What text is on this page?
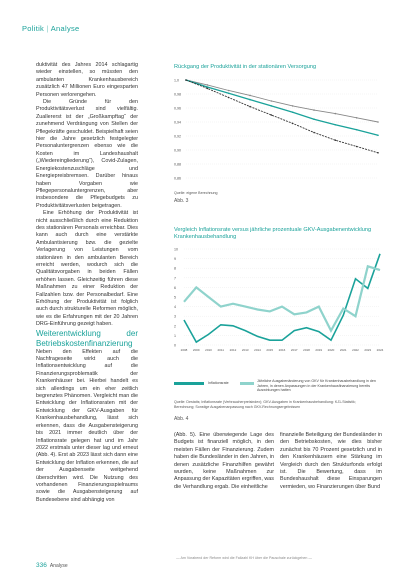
Politik | Analyse

duktivität des Jahres 2014 schlagartig wieder einstellen, so müssten den ambulanten Krankenhausbereich zusätzlich 47 Millionen Euro eingesparten Personen verlorengehen.

Die Gründe für den Produktivitätsverlust sind vielfältig. Zuallererst ist der „Großkampftag“ der zunehmend Verdrängung von Stellen der Pflegekräfte geschuldet. Beispielhaft seien hier die Jahre gesetzlich festgelegter Personaluntergrenzen ebenso wie die Kosten im Landeshaushalt („Wiedereingliederung“), Covid-Zulagen, Energiekostenzuschläge und Energiepreisbremsen. Darüber hinaus haben Vorgaben wie Pflegepersonaluntergrenzen, aber insbesondere die Pflegebudgets zu Produktivitätsverlusten beigetragen.

Eine Erhöhung der Produktivität ist nicht ausschließlich durch eine Reduktion des stationären Personals erreichbar. Dies kann auch durch eine verstärkte Ambulantisierung bzw. die gezielte Verlagerung von Leistungen vom stationären in den ambulanten Bereich erreicht werden, wodurch sich die Qualitätsvorgaben in beiden Fällen erhöhen lassen. Gleichzeitig führen diese Maßnahmen zu einer Reduktion der Fallzahlen bzw. der Personalbedarf. Eine Erhöhung der Produktivität ist folglich auch durch strukturelle Reformen möglich, wie es die Erfahrungen mit der 20 Jahren DRG-Einführung gezeigt haben.

Weiterentwicklung der Betriebskostenfinanzierung

Neben den Effekten auf die Nachfrageseite wirkt auch die Inflationsentwicklung auf die Finanzierungsproblematik der Krankenhäuser bei. Hierbei handelt es sich allerdings um ein eher zeitlich begrenztes Phänomen. Vergleicht man die Entwicklung der Inflationsraten mit der Entwicklung der GKV-Ausgaben für Krankenhausbehandlung, lässt sich erkennen, dass die Ausgabensteigerung bis 2021 immer deutlich über der Inflationsrate gelegen hat und im Jahr 2022 erstmals unter dieser lag und erneut (Abb. 4). Erst ab 2023 lässt sich dann eine Entwicklung der Inflation erkennen, die auf der Ausgabenseite weitgehend überschritten wird. Die Nutzung des vorhandenen Finanzierungsspielraums sowie die Ausgabensteigerung auf Bundesebene sind abhängig von

Rückgang der Produktivität in der stationären Versorgung
1,0
0,98
0,96
0,94
0,92
0,90
0,88
0,86
Quelle: eigene Berechnung
Abb. 3
Vergleich Inflationsrate versus jährliche prozentuale GKV-Ausgabenentwicklung Krankenhausbehandlung
10
9
8
7
6
5
4
3
2
1
0
2008 2009 2010 2011 2012 2013 2014 2015 2016 2017 2018 2019 2020 2021 2022 2023 2024
Inflationsrate	Jährliche Ausgabenänderung von GKV für Krankenhausbehandlung in den Jahren, in denen Anpassungen in der Krankenhausfinanzierung bereits Auswirkungen hatten
Quelle: Destatis; Inflationsrate (Verbraucherpreisindex); GKV-Ausgaben in Krankenhausbehandlung: KJ1-Statistik; Berechnung; Sonstige Ausgabenanpassung nach GKV-Rechnungsergebnissen
Abb. 4

(Abb. 5). Eine überwiegende Lage des Budgets ist finanziell möglich, in den meisten Fällen der Finanzierung. Zudem haben die Bundesländer in den Jahren, in denen zusätzliche Finanzhilfen gewährt wurden, keine Maßnahmen zur Anpassung der Kapazitäten ergriffen, was die Verhandlung ergab. Die einheitliche

finanzielle Beteiligung der Bundesländer in den Betriebskosten, wie dies bisher zunächst bis 70 Prozent gesetzlich und in den Krankenhäusern eine Stärkung im Vergleich durch den Strukturfonds erfolgt ist. Die Bewertung, dass im Bundeshaushalt diese Einsparungen vermieden, wo Finanzierungen über Bund

— Am Vorabend der Reform wird die Fallzahl KH über die Pauschale zurückgehen —
336 Analyse
